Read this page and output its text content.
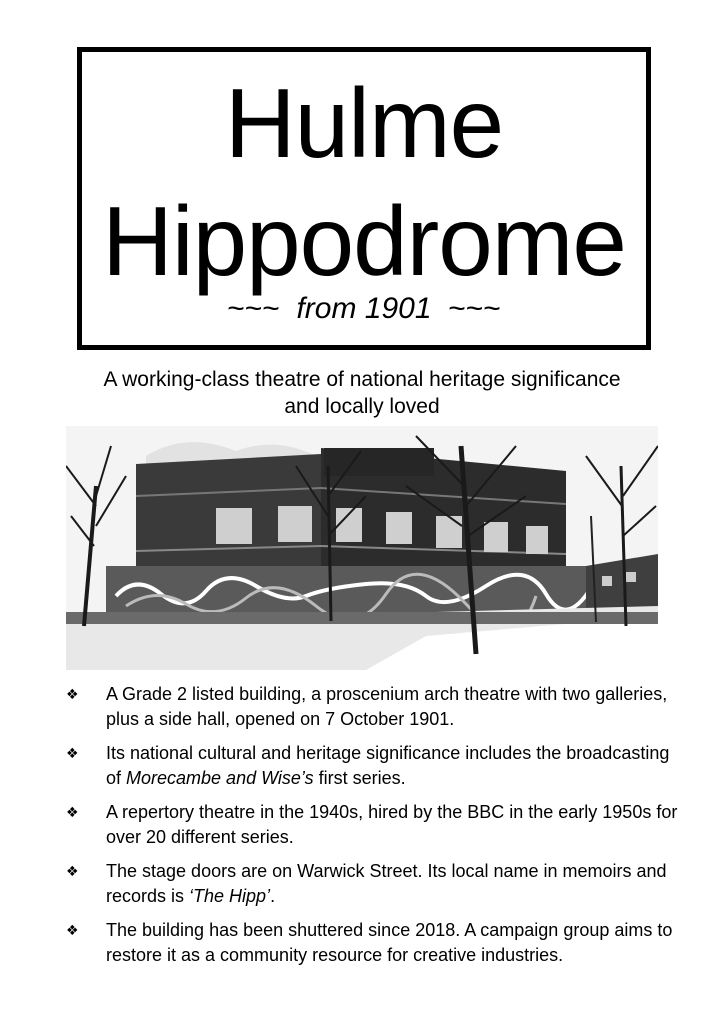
Hulme
Hippodrome
~~~ from 1901 ~~~
A working-class theatre of national heritage significance
and locally loved
❖ A Grade 2 listed building, a proscenium arch theatre with two galleries, plus a side hall, opened on 7 October 1901.
❖ Its national cultural and heritage significance includes the broadcasting of Morecambe and Wise’s first series.
❖ A repertory theatre in the 1940s, hired by the BBC in the early 1950s for over 20 different series.
❖ The stage doors are on Warwick Street. Its local name in memoirs and records is ‘The Hipp’.
❖ The building has been shuttered since 2018. A campaign group aims to restore it as a community resource for creative industries.
